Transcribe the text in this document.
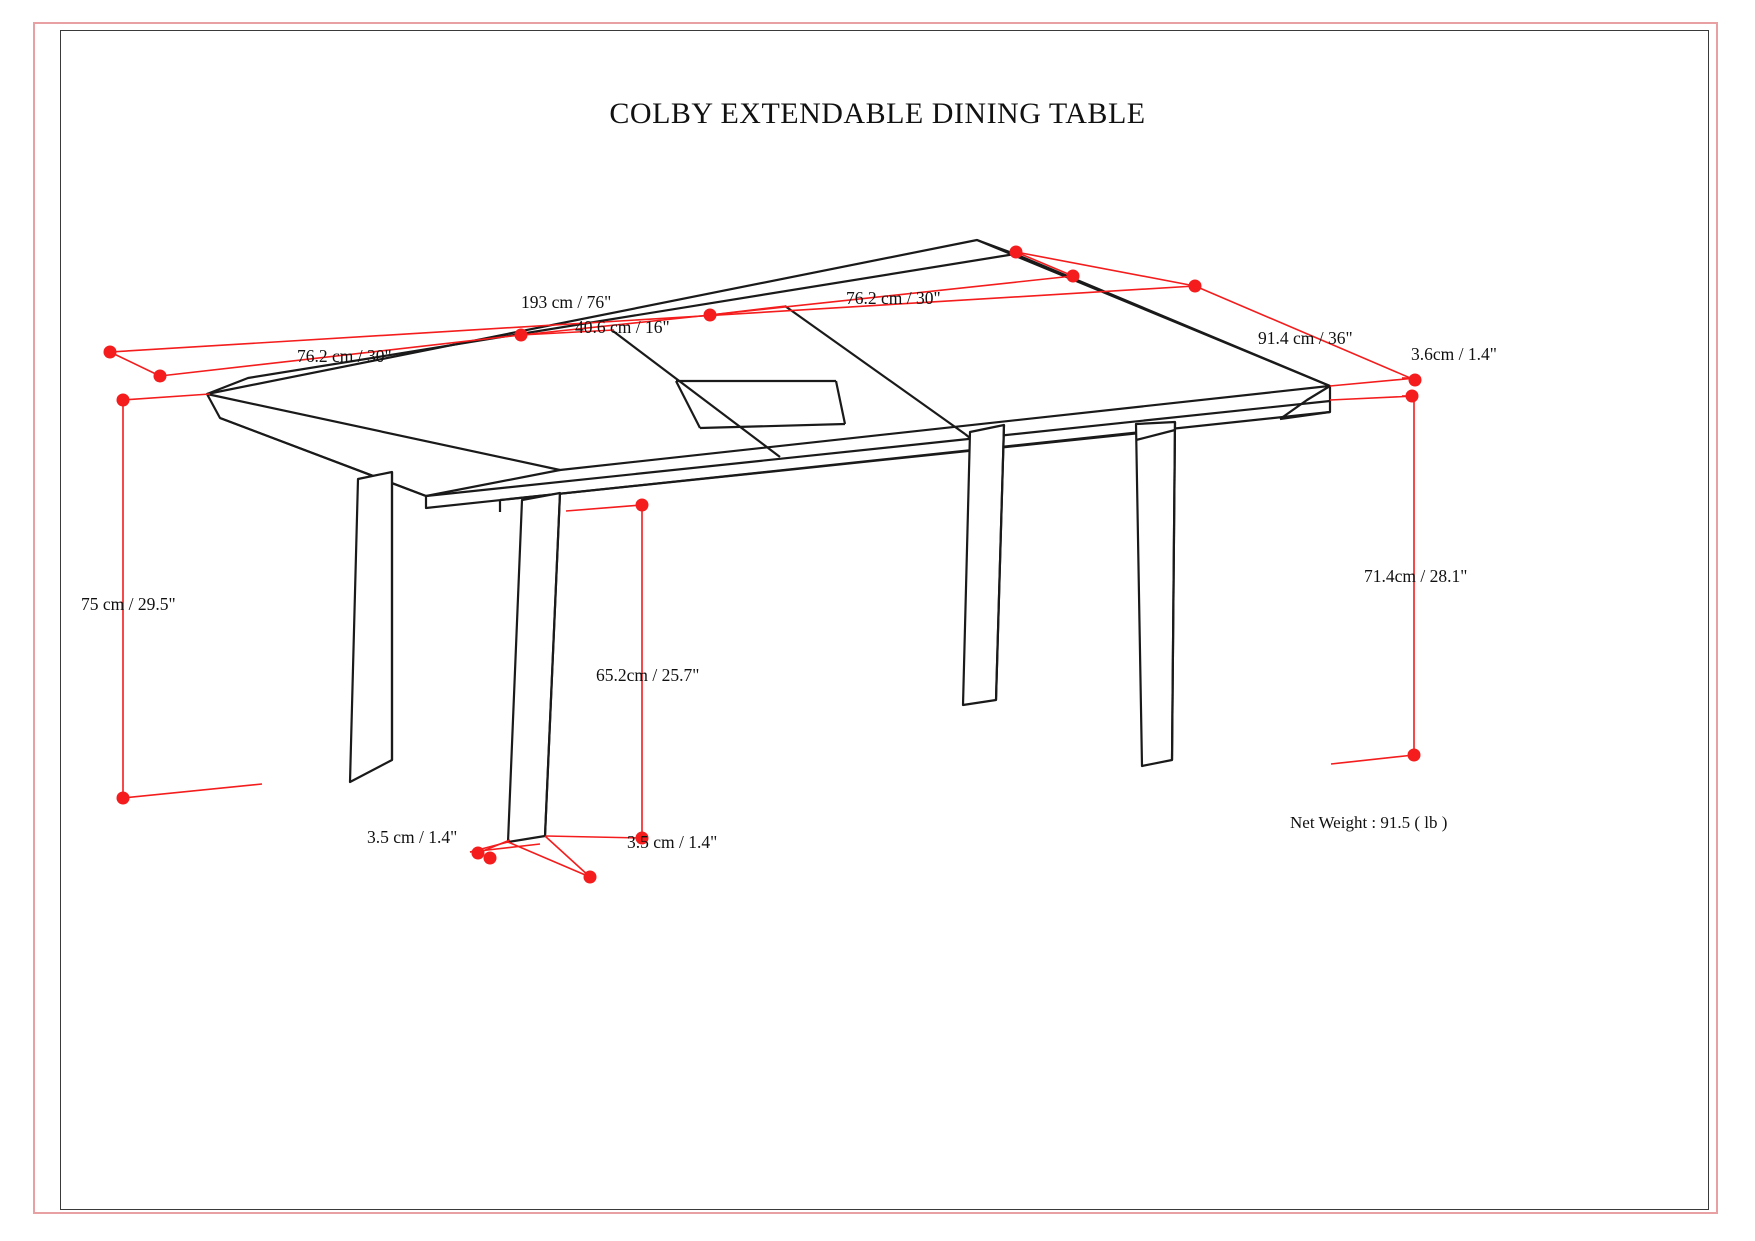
COLBY EXTENDABLE DINING TABLE
193 cm / 76"
76.2 cm / 30"
40.6 cm / 16"
76.2 cm / 30"
91.4 cm / 36"
3.6cm / 1.4"
75 cm / 29.5"
71.4cm / 28.1"
65.2cm / 25.7"
3.5 cm / 1.4"	3.5 cm / 1.4"
Net Weight : 91.5 ( lb )
